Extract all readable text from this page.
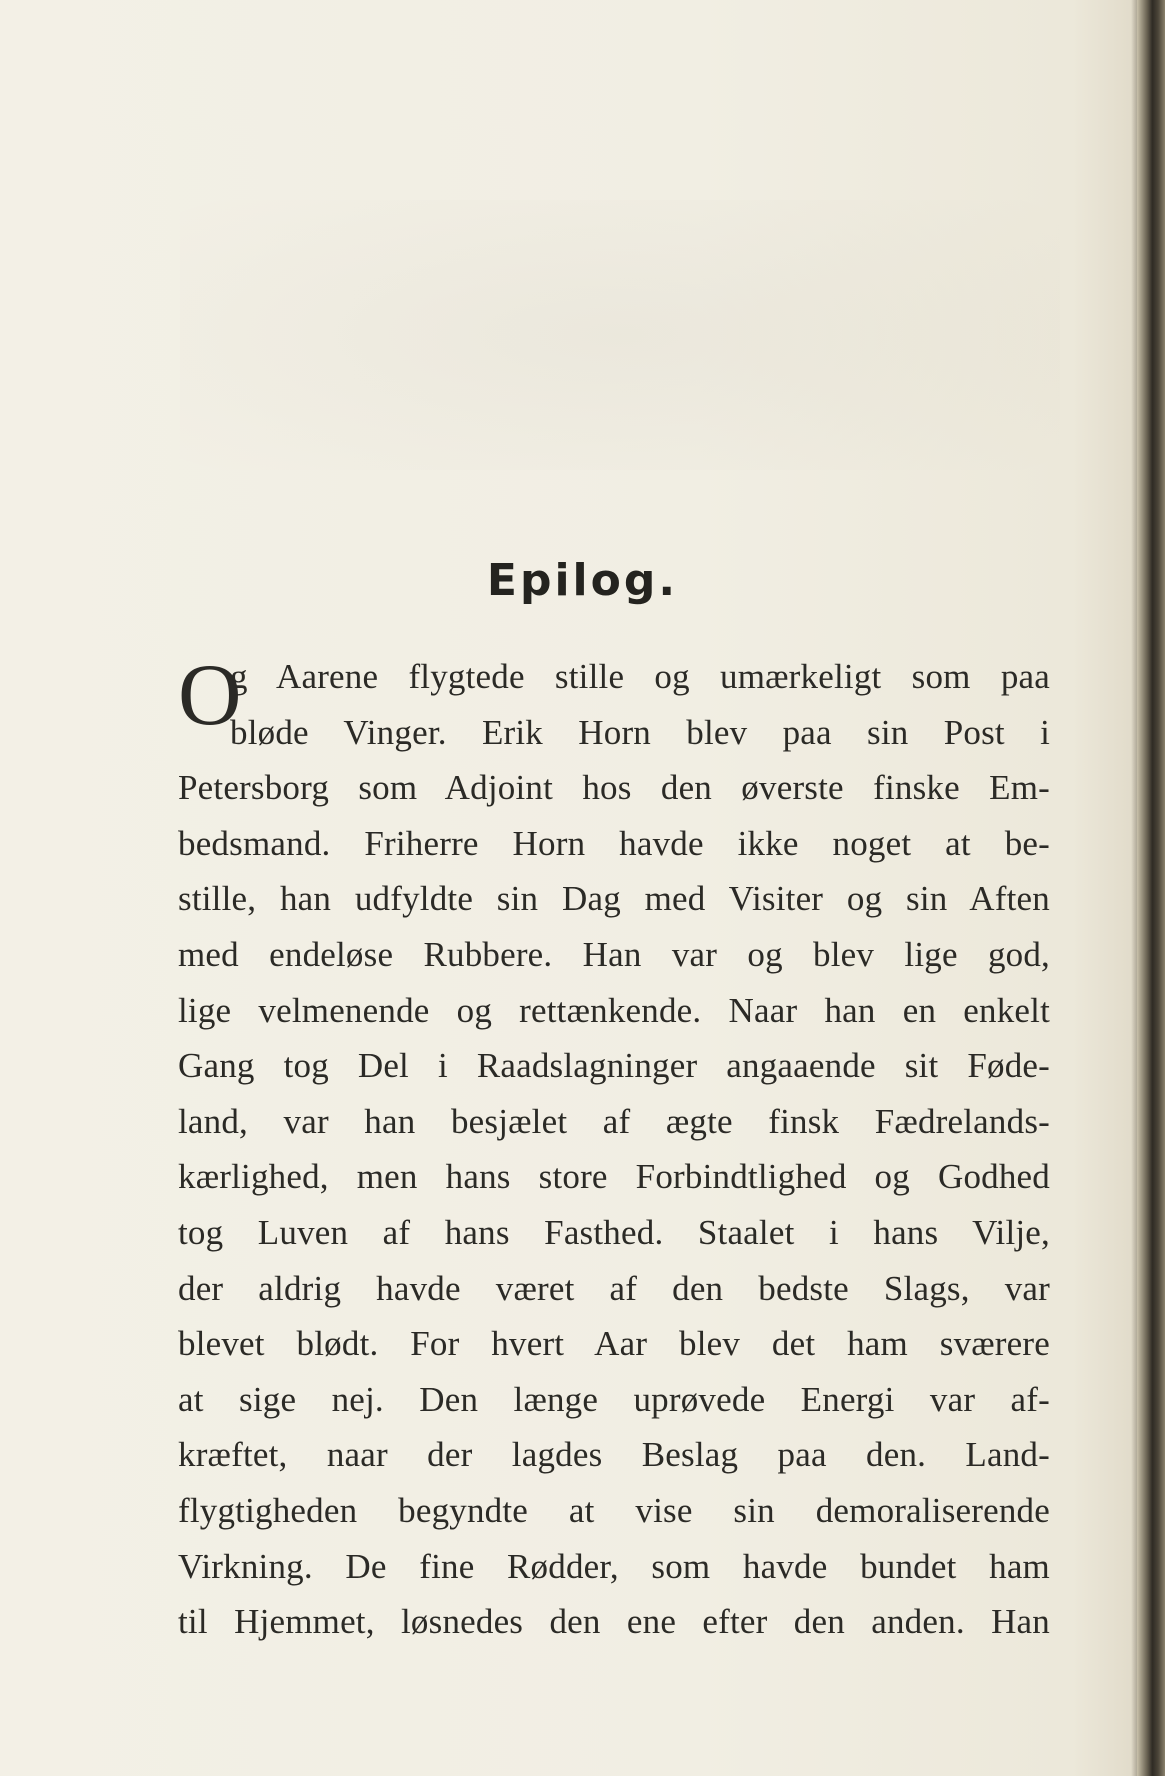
Epilog.
O
g Aarene flygtede stille og umærkeligt som paa
bløde Vinger. Erik Horn blev paa sin Post i
Petersborg som Adjoint hos den øverste finske Em-
bedsmand. Friherre Horn havde ikke noget at be-
stille, han udfyldte sin Dag med Visiter og sin Aften
med endeløse Rubbere. Han var og blev lige god,
lige velmenende og rettænkende. Naar han en enkelt
Gang tog Del i Raadslagninger angaaende sit Føde-
land, var han besjælet af ægte finsk Fædrelands-
kærlighed, men hans store Forbindtlighed og Godhed
tog Luven af hans Fasthed. Staalet i hans Vilje,
der aldrig havde været af den bedste Slags, var
blevet blødt. For hvert Aar blev det ham sværere
at sige nej. Den længe uprøvede Energi var af-
kræftet, naar der lagdes Beslag paa den. Land-
flygtigheden begyndte at vise sin demoraliserende
Virkning. De fine Rødder, som havde bundet ham
til Hjemmet, løsnedes den ene efter den anden. Han
